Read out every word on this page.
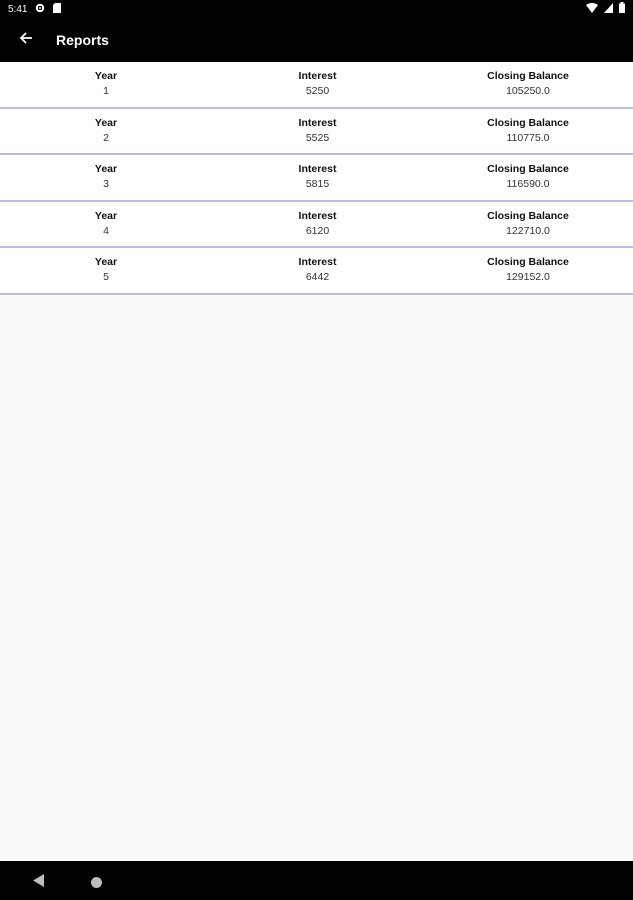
5:41
Reports
Year
1
Interest
5250
Closing Balance
105250.0
Year
2
Interest
5525
Closing Balance
110775.0
Year
3
Interest
5815
Closing Balance
116590.0
Year
4
Interest
6120
Closing Balance
122710.0
Year
5
Interest
6442
Closing Balance
129152.0
